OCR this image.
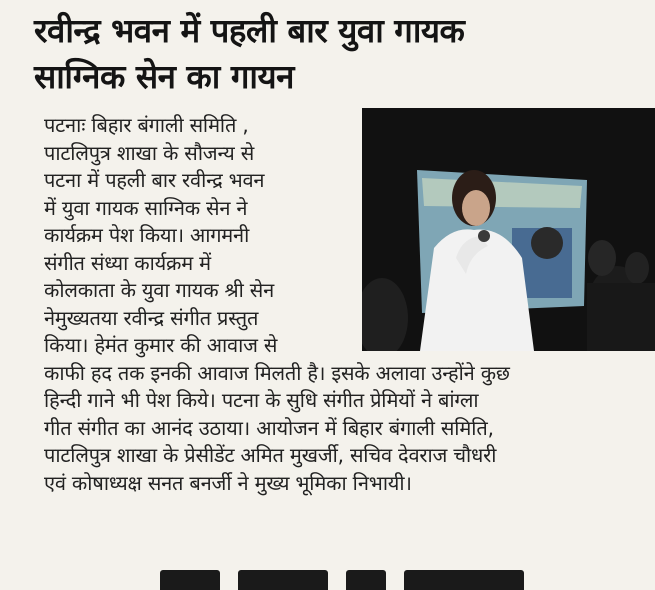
रवीन्द्र भवन में पहली बार युवा गायक
साग्निक सेन का गायन
पटनाः बिहार बंगाली समिति ,
पाटलिपुत्र शाखा के सौजन्य से
पटना में पहली बार रवीन्द्र भवन
में युवा गायक साग्निक सेन ने
कार्यक्रम पेश किया। आगमनी
संगीत संध्या कार्यक्रम में
कोलकाता के युवा गायक श्री सेन
नेमुख्यतया रवीन्द्र संगीत प्रस्तुत
किया। हेमंत कुमार की आवाज से
काफी हद तक इनकी आवाज मिलती है। इसके अलावा उन्होंने कुछ
हिन्दी गाने भी पेश किये। पटना के सुधि संगीत प्रेमियों ने बांग्ला
गीत संगीत का आनंद उठाया। आयोजन में बिहार बंगाली समिति,
पाटलिपुत्र शाखा के प्रेसीडेंट अमित मुखर्जी, सचिव देवराज चौधरी
एवं कोषाध्यक्ष सनत बनर्जी ने मुख्य भूमिका निभायी।
